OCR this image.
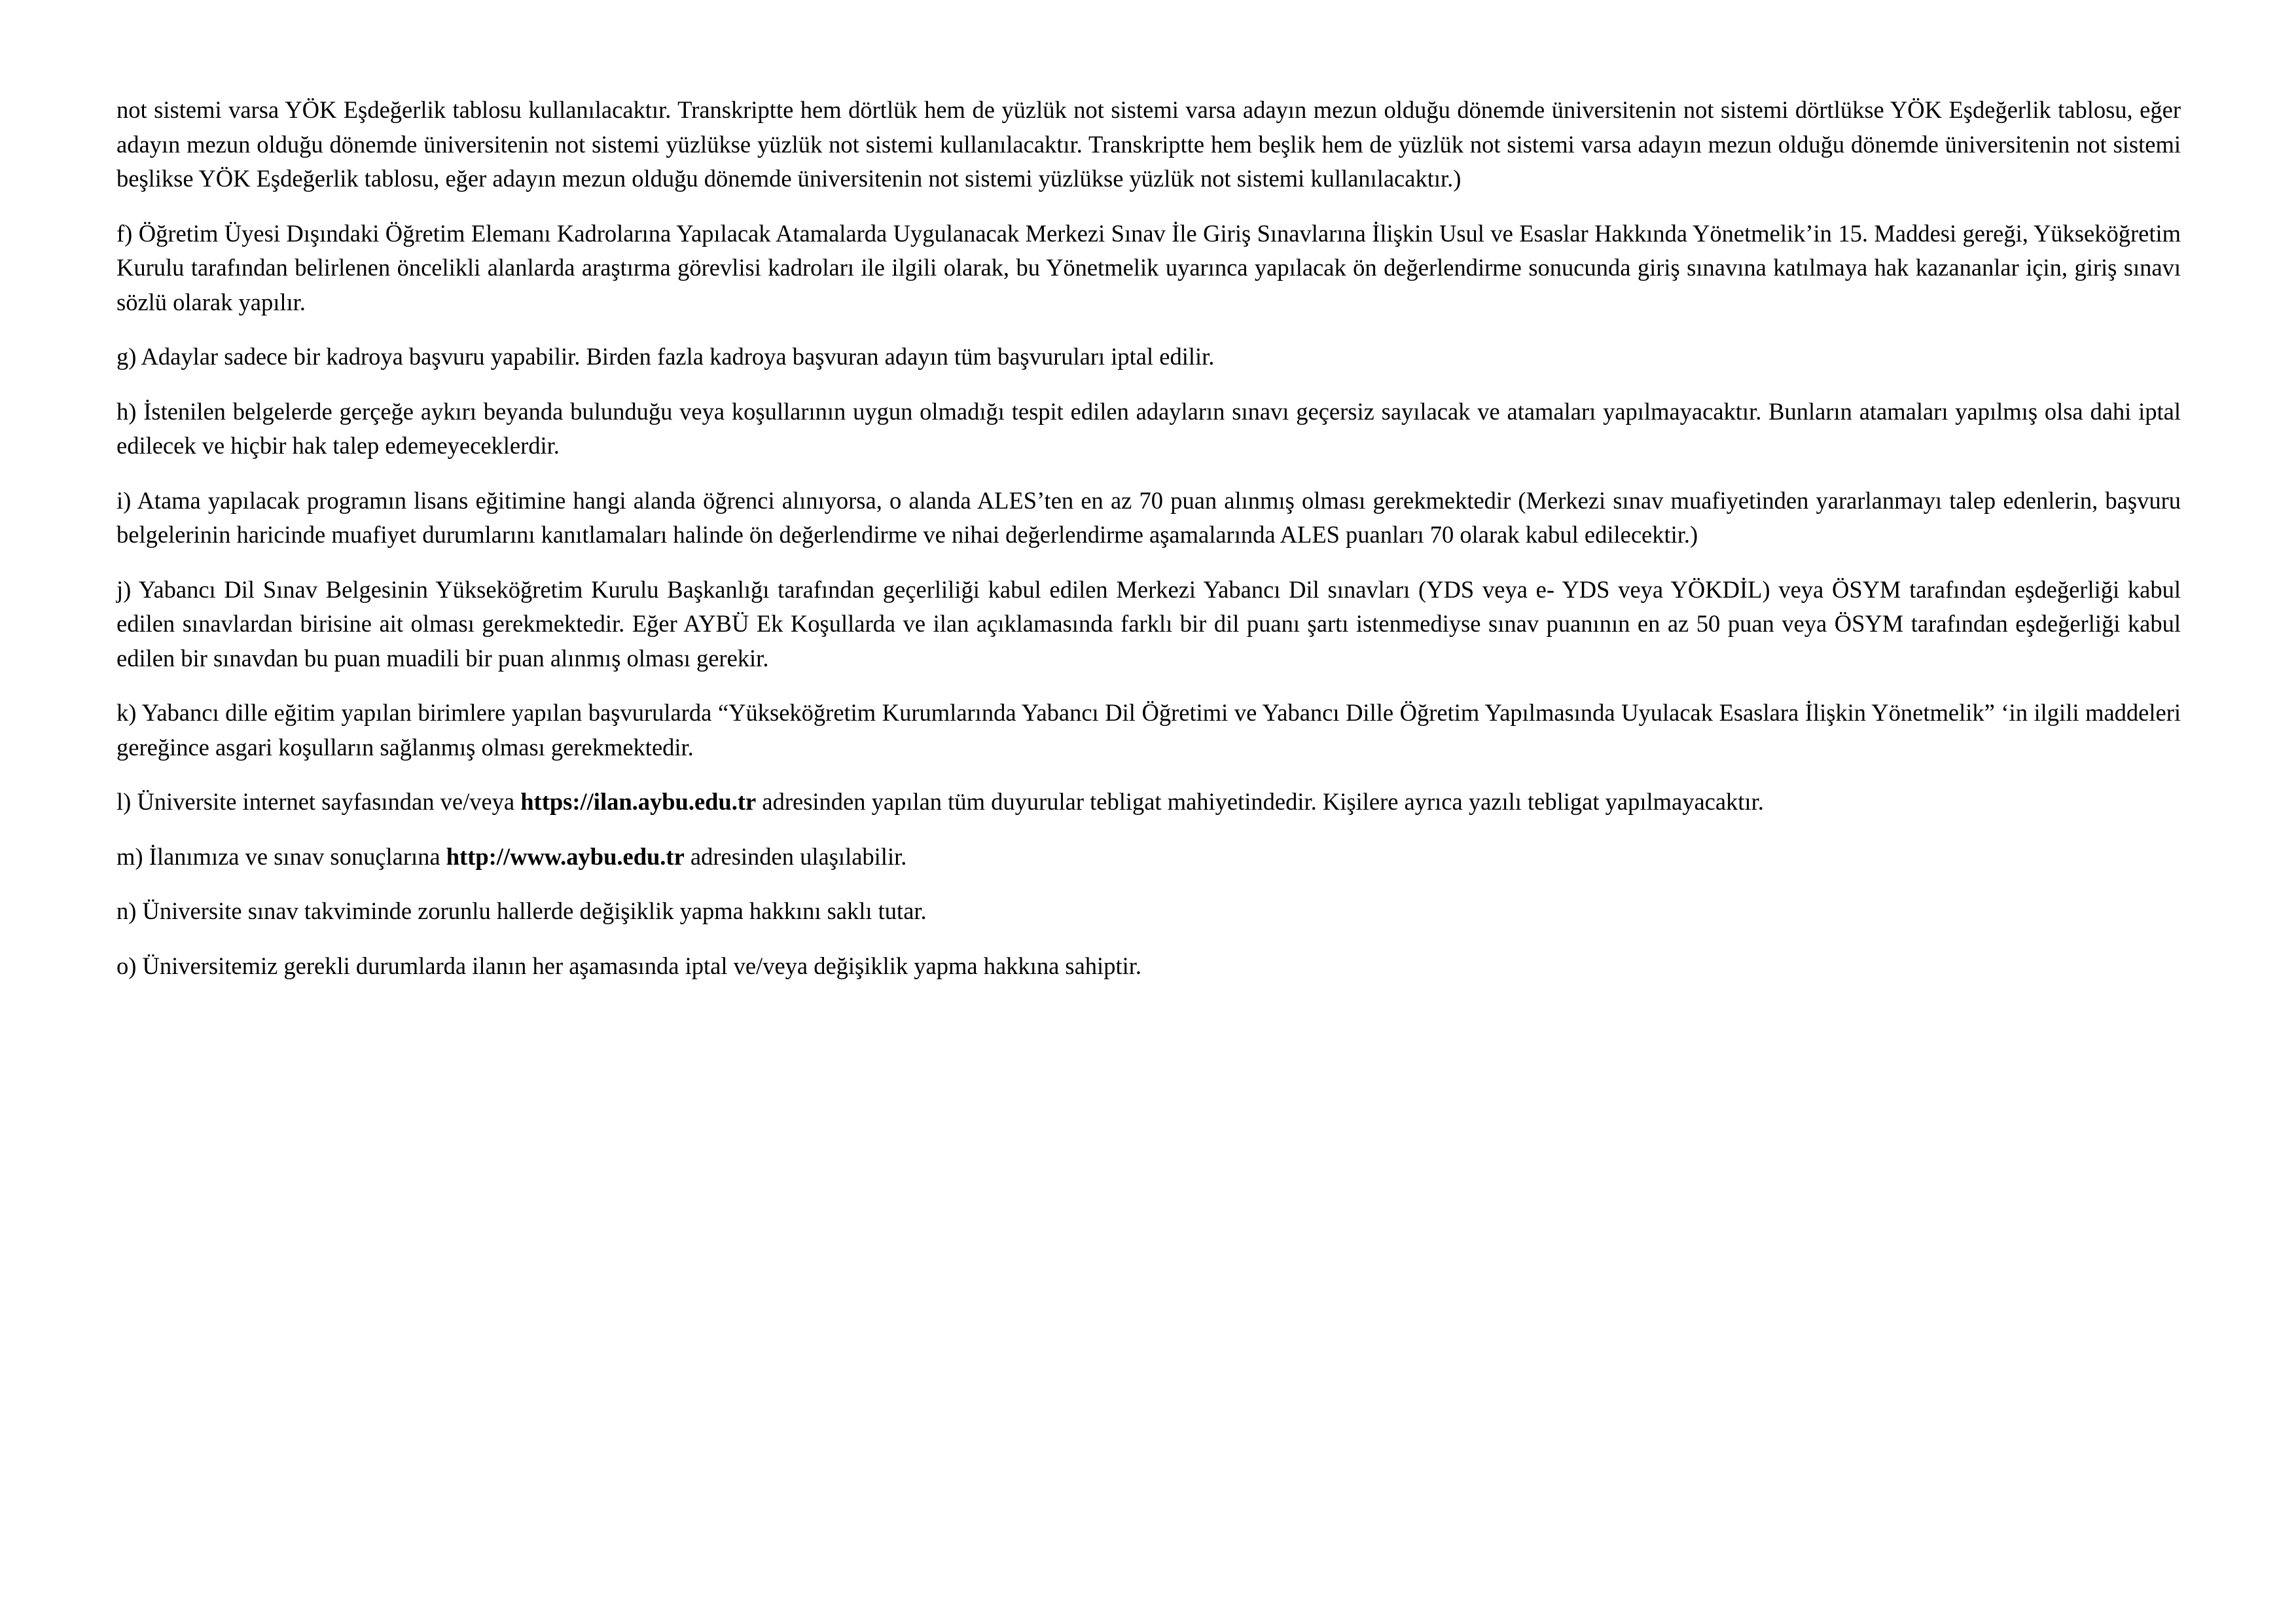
not sistemi varsa YÖK Eşdeğerlik tablosu kullanılacaktır. Transkriptte hem dörtlük hem de yüzlük not sistemi varsa adayın mezun olduğu dönemde üniversitenin not sistemi dörtlükse YÖK Eşdeğerlik tablosu, eğer adayın mezun olduğu dönemde üniversitenin not sistemi yüzlükse yüzlük not sistemi kullanılacaktır. Transkriptte hem beşlik hem de yüzlük not sistemi varsa adayın mezun olduğu dönemde üniversitenin not sistemi beşlikse YÖK Eşdeğerlik tablosu, eğer adayın mezun olduğu dönemde üniversitenin not sistemi yüzlükse yüzlük not sistemi kullanılacaktır.)

f) Öğretim Üyesi Dışındaki Öğretim Elemanı Kadrolarına Yapılacak Atamalarda Uygulanacak Merkezi Sınav İle Giriş Sınavlarına İlişkin Usul ve Esaslar Hakkında Yönetmelik’in 15. Maddesi gereği, Yükseköğretim Kurulu tarafından belirlenen öncelikli alanlarda araştırma görevlisi kadroları ile ilgili olarak, bu Yönetmelik uyarınca yapılacak ön değerlendirme sonucunda giriş sınavına katılmaya hak kazananlar için, giriş sınavı sözlü olarak yapılır.

g) Adaylar sadece bir kadroya başvuru yapabilir. Birden fazla kadroya başvuran adayın tüm başvuruları iptal edilir.

h) İstenilen belgelerde gerçeğe aykırı beyanda bulunduğu veya koşullarının uygun olmadığı tespit edilen adayların sınavı geçersiz sayılacak ve atamaları yapılmayacaktır. Bunların atamaları yapılmış olsa dahi iptal edilecek ve hiçbir hak talep edemeyeceklerdir.

i) Atama yapılacak programın lisans eğitimine hangi alanda öğrenci alınıyorsa, o alanda ALES’ten en az 70 puan alınmış olması gerekmektedir (Merkezi sınav muafiyetinden yararlanmayı talep edenlerin, başvuru belgelerinin haricinde muafiyet durumlarını kanıtlamaları halinde ön değerlendirme ve nihai değerlendirme aşamalarında ALES puanları 70 olarak kabul edilecektir.)

j) Yabancı Dil Sınav Belgesinin Yükseköğretim Kurulu Başkanlığı tarafından geçerliliği kabul edilen Merkezi Yabancı Dil sınavları (YDS veya e- YDS veya YÖKDİL) veya ÖSYM tarafından eşdeğerliği kabul edilen sınavlardan birisine ait olması gerekmektedir. Eğer AYBÜ Ek Koşullarda ve ilan açıklamasında farklı bir dil puanı şartı istenmediyse sınav puanının en az 50 puan veya ÖSYM tarafından eşdeğerliği kabul edilen bir sınavdan bu puan muadili bir puan alınmış olması gerekir.

k) Yabancı dille eğitim yapılan birimlere yapılan başvurularda “Yükseköğretim Kurumlarında Yabancı Dil Öğretimi ve Yabancı Dille Öğretim Yapılmasında Uyulacak Esaslara İlişkin Yönetmelik” ‘in ilgili maddeleri gereğince asgari koşulların sağlanmış olması gerekmektedir.

l) Üniversite internet sayfasından ve/veya https://ilan.aybu.edu.tr adresinden yapılan tüm duyurular tebligat mahiyetindedir. Kişilere ayrıca yazılı tebligat yapılmayacaktır.

m) İlanımıza ve sınav sonuçlarına http://www.aybu.edu.tr adresinden ulaşılabilir.

n) Üniversite sınav takviminde zorunlu hallerde değişiklik yapma hakkını saklı tutar.

o) Üniversitemiz gerekli durumlarda ilanın her aşamasında iptal ve/veya değişiklik yapma hakkına sahiptir.
